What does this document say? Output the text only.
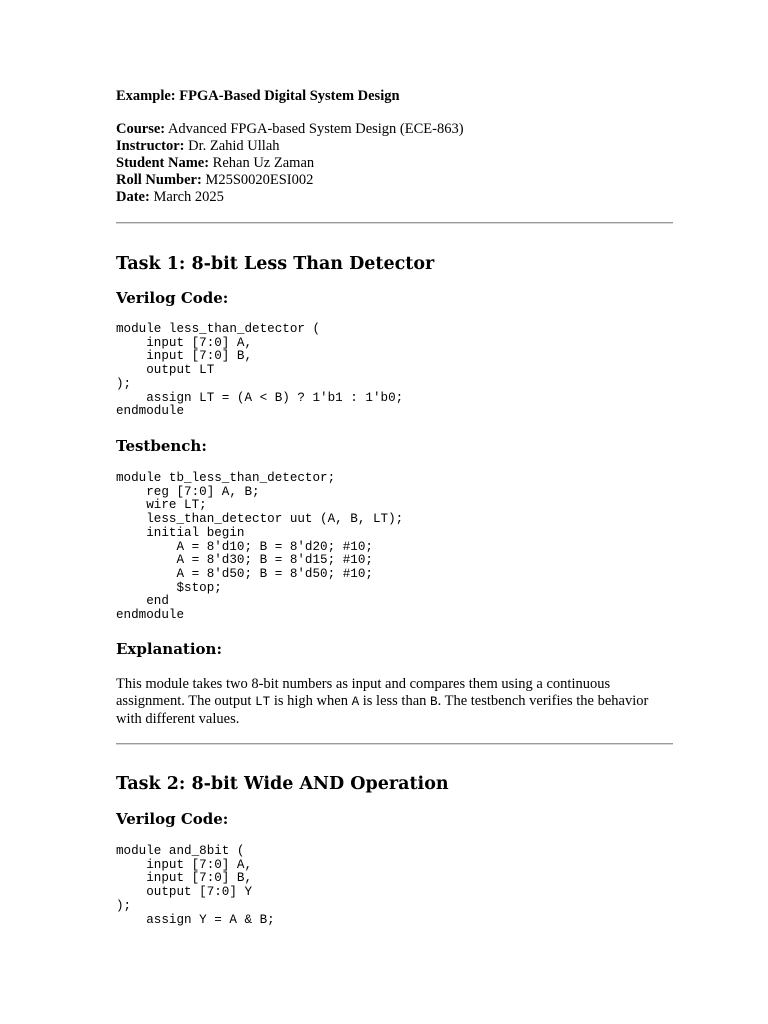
Example: FPGA-Based Digital System Design
Course: Advanced FPGA-based System Design (ECE-863)
Instructor: Dr. Zahid Ullah
Student Name: Rehan Uz Zaman
Roll Number: M25S0020ESI002
Date: March 2025
Task 1: 8-bit Less Than Detector
Verilog Code:
module less_than_detector (
input [7:0] A,
input [7:0] B,
output LT
);
assign LT = (A < B) ? 1'b1 : 1'b0;
endmodule
Testbench:
module tb_less_than_detector;
reg [7:0] A, B;
wire LT;
less_than_detector uut (A, B, LT);
initial begin
A = 8'd10; B = 8'd20; #10;
A = 8'd30; B = 8'd15; #10;
A = 8'd50; B = 8'd50; #10;
$stop;
end
endmodule
Explanation:
This module takes two 8-bit numbers as input and compares them using a continuous assignment. The output LT is high when A is less than B. The testbench verifies the behavior with different values.
Task 2: 8-bit Wide AND Operation
Verilog Code:
module and_8bit (
input [7:0] A,
input [7:0] B,
output [7:0] Y
);
assign Y = A & B;
